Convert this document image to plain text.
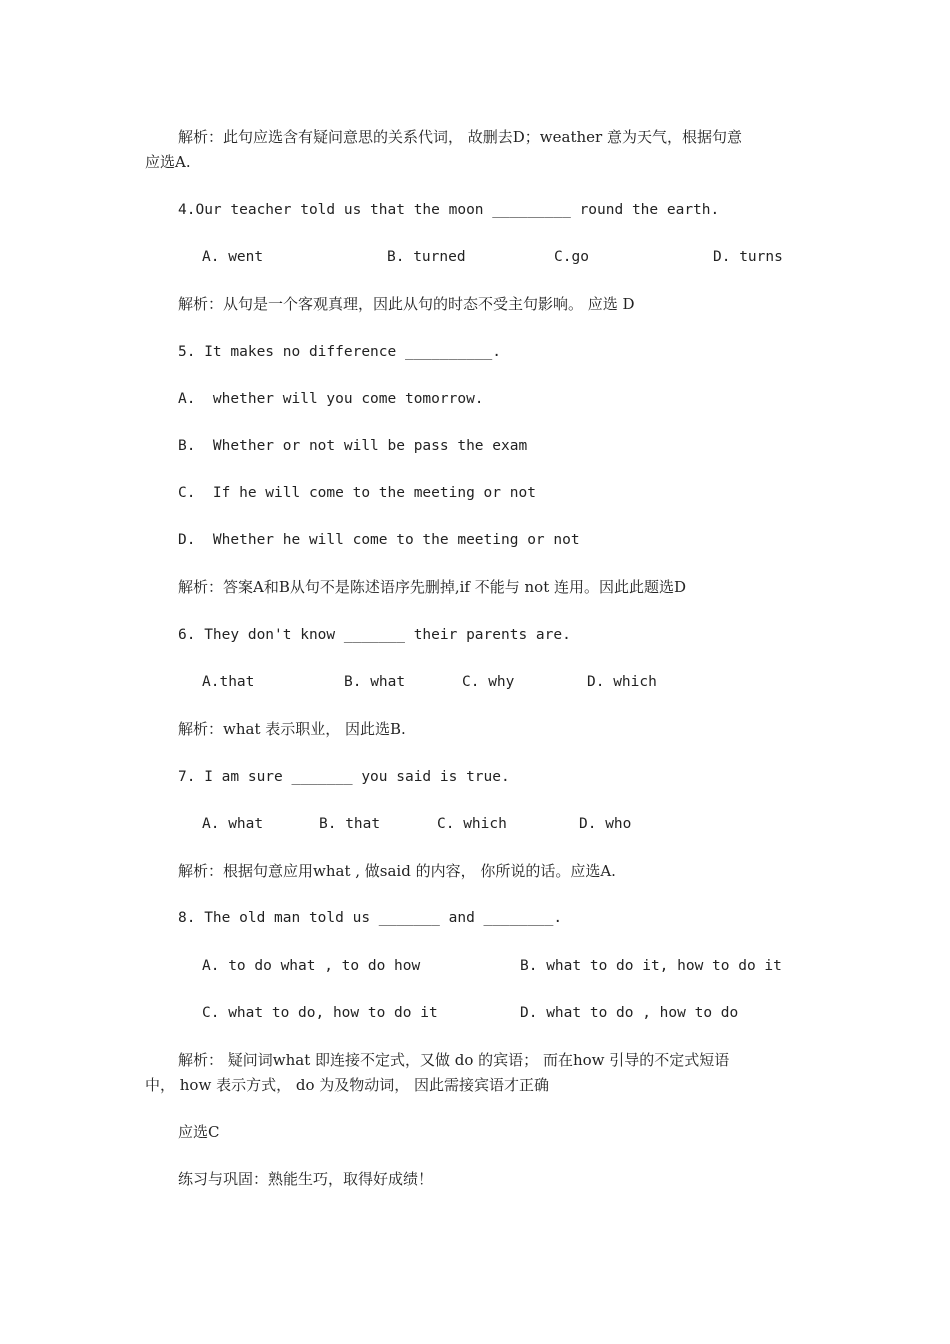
解析：此句应选含有疑问意思的关系代词， 故删去D；weather 意为天气，根据句意
应选A.
4.Our teacher told us that the moon _________ round the earth.
A. went	B. turned	C.go	D. turns
解析：从句是一个客观真理，因此从句的时态不受主句影响。 应选 D
5. It makes no difference __________.
A.  whether will you come tomorrow.
B.  Whether or not will be pass the exam
C.  If he will come to the meeting or not
D.  Whether he will come to the meeting or not
解析：答案A和B从句不是陈述语序先删掉,if 不能与 not 连用。因此此题选D
6. They don't know _______ their parents are.
A.that	B. what	C. why	D. which
解析：what 表示职业， 因此选B.
7. I am sure _______ you said is true.
A. what	B. that	C. which	D. who
解析：根据句意应用what , 做said 的内容， 你所说的话。应选A.
8. The old man told us _______ and ________.
A. to do what , to do how	B. what to do it, how to do it
C. what to do, how to do it	D. what to do , how to do
解析： 疑问词what 即连接不定式，又做 do 的宾语； 而在how 引导的不定式短语
中， how 表示方式， do 为及物动词， 因此需接宾语才正确
应选C
练习与巩固：熟能生巧，取得好成绩！
